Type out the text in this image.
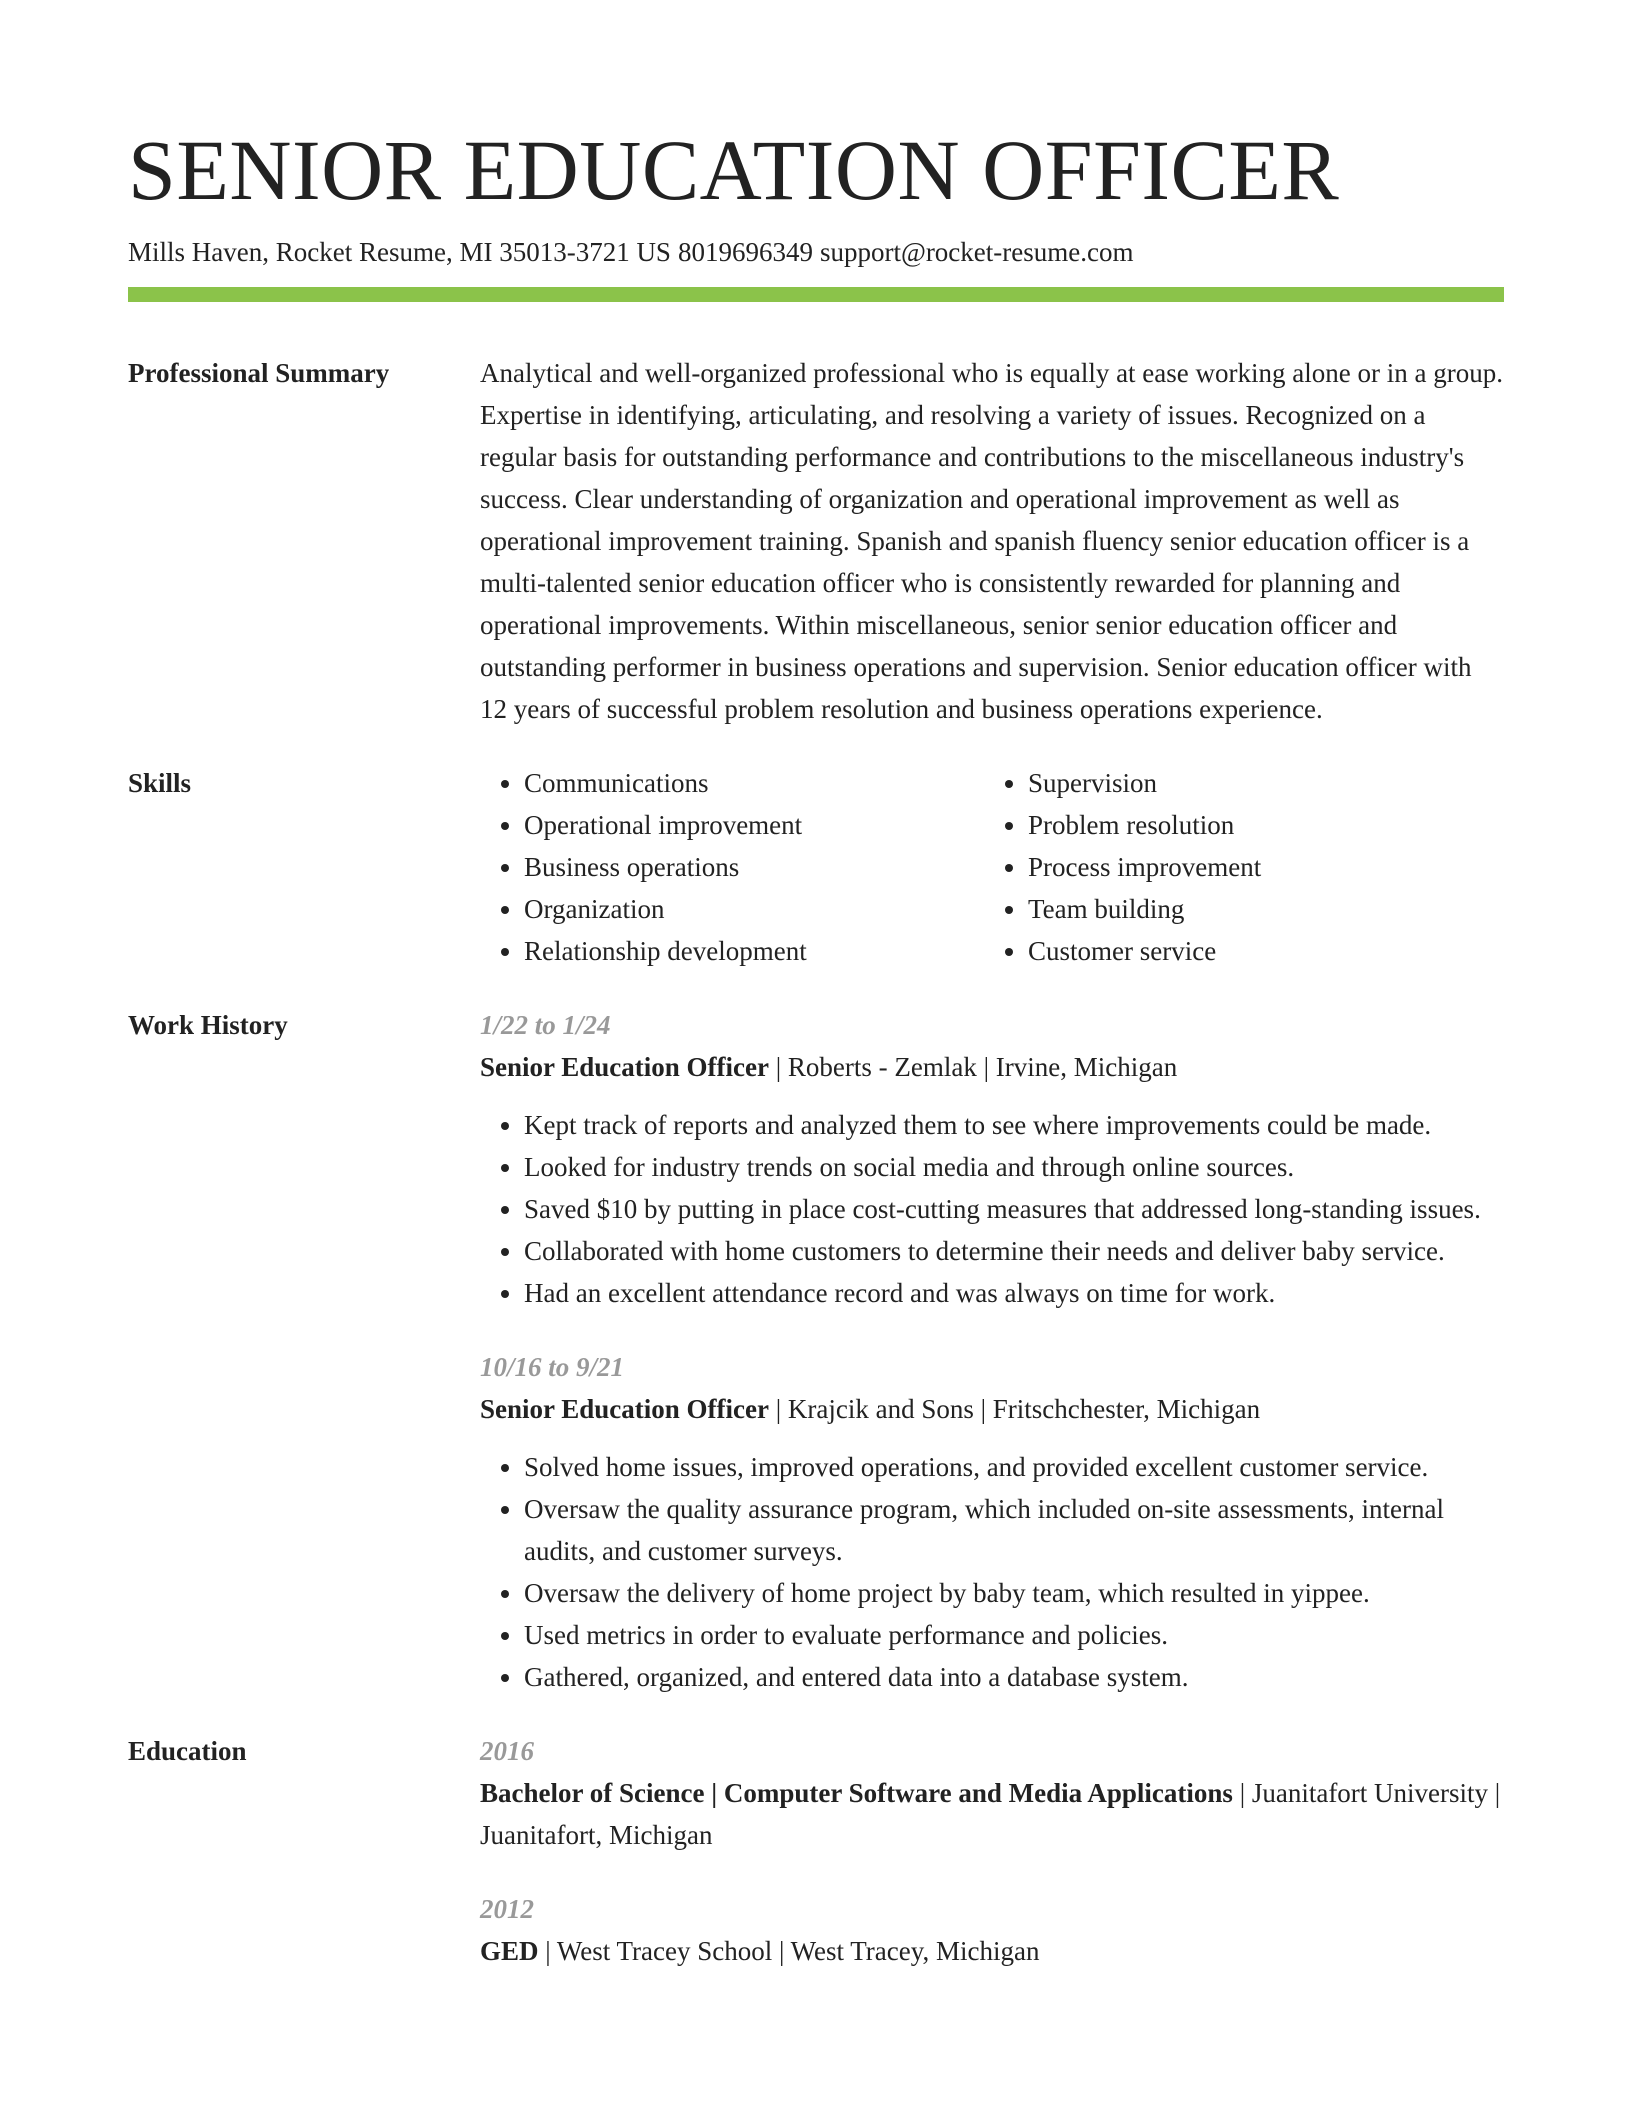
SENIOR EDUCATION OFFICER
Mills Haven, Rocket Resume, MI 35013-3721 US 8019696349 support@rocket-resume.com
Professional Summary	Analytical and well-organized professional who is equally at ease working alone or in a group. Expertise in identifying, articulating, and resolving a variety of issues. Recognized on a regular basis for outstanding performance and contributions to the miscellaneous industry's success. Clear understanding of organization and operational improvement as well as operational improvement training. Spanish and spanish fluency senior education officer is a multi-talented senior education officer who is consistently rewarded for planning and operational improvements. Within miscellaneous, senior senior education officer and outstanding performer in business operations and supervision. Senior education officer with 12 years of successful problem resolution and business operations experience.
Skills
•	Communications
• Operational improvement
• Business operations
• Organization
• Relationship development
• Supervision
• Problem resolution
• Process improvement
• Team building
• Customer service
Work History	1/22 to 1/24
Senior Education Officer | Roberts - Zemlak | Irvine, Michigan
• Kept track of reports and analyzed them to see where improvements could be made.
• Looked for industry trends on social media and through online sources.
• Saved $10 by putting in place cost-cutting measures that addressed long-standing issues.
• Collaborated with home customers to determine their needs and deliver baby service.
• Had an excellent attendance record and was always on time for work.
10/16 to 9/21
Senior Education Officer | Krajcik and Sons | Fritschchester, Michigan
• Solved home issues, improved operations, and provided excellent customer service.
• Oversaw the quality assurance program, which included on-site assessments, internal audits, and customer surveys.
• Oversaw the delivery of home project by baby team, which resulted in yippee.
• Used metrics in order to evaluate performance and policies.
• Gathered, organized, and entered data into a database system.
Education	2016
Bachelor of Science | Computer Software and Media Applications | Juanitafort University | Juanitafort, Michigan
2012
GED | West Tracey School | West Tracey, Michigan
